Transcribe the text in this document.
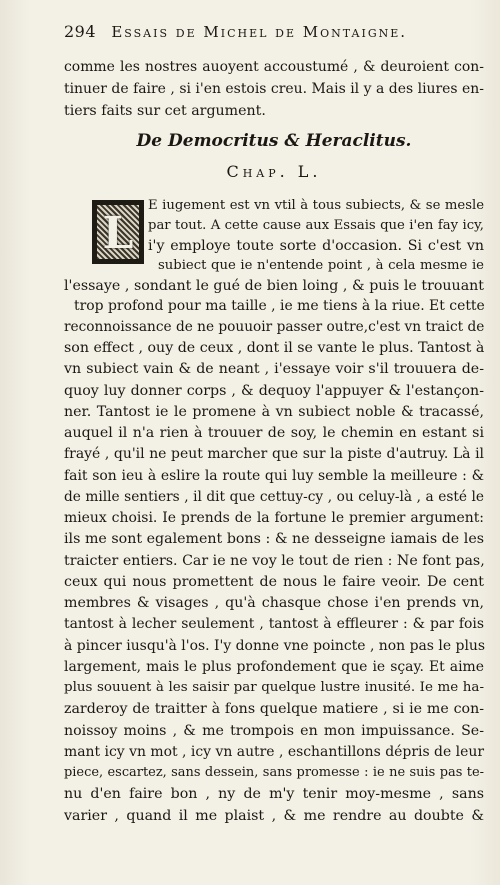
294 Essais de Michel de Montaigne.
comme les nostres auoyent accoustumé , & deuroient con-
tinuer de faire , si i'en estois creu. Mais il y a des liures en-
tiers faits sur cet argument.
De Democritus & Heraclitus.
Chap. L.
L
E iugement est vn vtil à tous subiects, & se mesle
par tout. A cette cause aux Essais que i'en fay icy,
i'y employe toute sorte d'occasion. Si c'est vn
subiect que ie n'entende point , à cela mesme ie
l'essaye , sondant le gué de bien loing , & puis le trouuant
trop profond pour ma taille , ie me tiens à la riue. Et cette
reconnoissance de ne pouuoir passer outre,c'est vn traict de
son effect , ouy de ceux , dont il se vante le plus. Tantost à
vn subiect vain & de neant , i'essaye voir s'il trouuera de-
quoy luy donner corps , & dequoy l'appuyer & l'estançon-
ner. Tantost ie le promene à vn subiect noble & tracassé,
auquel il n'a rien à trouuer de soy, le chemin en estant si
frayé , qu'il ne peut marcher que sur la piste d'autruy. Là il
fait son ieu à eslire la route qui luy semble la meilleure : &
de mille sentiers , il dit que cettuy-cy , ou celuy-là , a esté le
mieux choisi. Ie prends de la fortune le premier argument:
ils me sont egalement bons : & ne desseigne iamais de les
traicter entiers. Car ie ne voy le tout de rien : Ne font pas,
ceux qui nous promettent de nous le faire veoir. De cent
membres & visages , qu'à chasque chose i'en prends vn,
tantost à lecher seulement , tantost à effleurer : & par fois
à pincer iusqu'à l'os. I'y donne vne poincte , non pas le plus
largement, mais le plus profondement que ie sçay. Et aime
plus souuent à les saisir par quelque lustre inusité. Ie me ha-
zarderoy de traitter à fons quelque matiere , si ie me con-
noissoy moins , & me trompois en mon impuissance. Se-
mant icy vn mot , icy vn autre , eschantillons dépris de leur
piece, escartez, sans dessein, sans promesse : ie ne suis pas te-
nu d'en faire bon , ny de m'y tenir moy-mesme , sans
varier , quand il me plaist , & me rendre au doubte &
